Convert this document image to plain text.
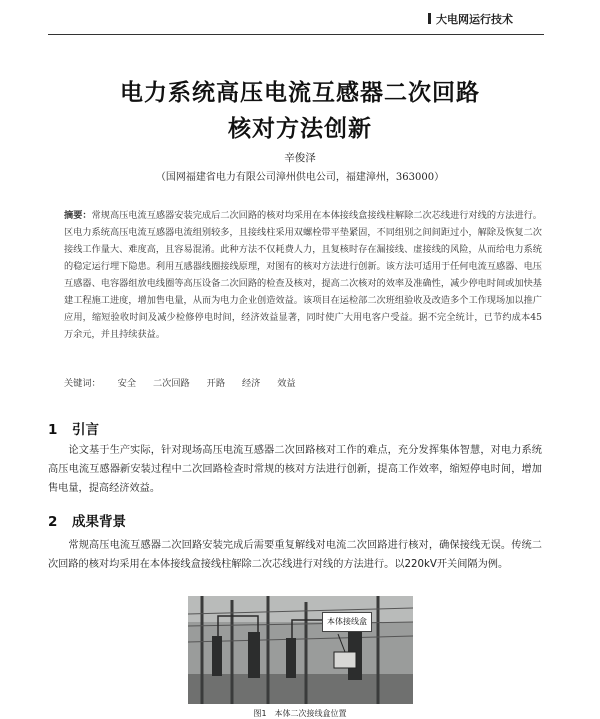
大电网运行技术
电力系统高压电流互感器二次回路
核对方法创新
辛俊泽
（国网福建省电力有限公司漳州供电公司，福建漳州，363000）
摘要：常规高压电流互感器安装完成后二次回路的核对均采用在本体接线盒接线柱解除二次芯线进行对线的方法进行。区电力系统高压电流互感器电流组别较多，且接线柱采用双螺栓带平垫紧固，不同组别之间间距过小，解除及恢复二次接线工作量大、难度高，且容易混淆。此种方法不仅耗费人力，且复核时存在漏接线、虚接线的风险，从而给电力系统的稳定运行埋下隐患。利用互感器线圈接线原理，对图有的核对方法进行创新。该方法可适用于任何电流互感器、电压互感器、电容器组放电线圈等高压设备二次回路的检查及核对，提高二次核对的效率及准确性，减少停电时间或加快基建工程施工进度，增加售电量，从而为电力企业创造效益。该项目在运检部二次班组验收及改造多个工作现场加以推广应用，缩短验收时间及减少检修停电时间，经济效益显著，同时使广大用电客户受益。据不完全统计，已节约成本45万余元，并且持续获益。
关键词： 安全 二次回路 开路 经济 效益
1 引言
论文基于生产实际，针对现场高压电流互感器二次回路核对工作的难点，充分发挥集体智慧，对电力系统高压电流互感器新安装过程中二次回路检查时常规的核对方法进行创新，提高工作效率，缩短停电时间，增加售电量，提高经济效益。
2 成果背景
常规高压电流互感器二次回路安装完成后需要重复解线对电流二次回路进行核对，确保接线无误。传统二次回路的核对均采用在本体接线盒接线柱解除二次芯线进行对线的方法进行。以220kV开关间隔为例。
本体接线盒
图1　本体二次接线盒位置
